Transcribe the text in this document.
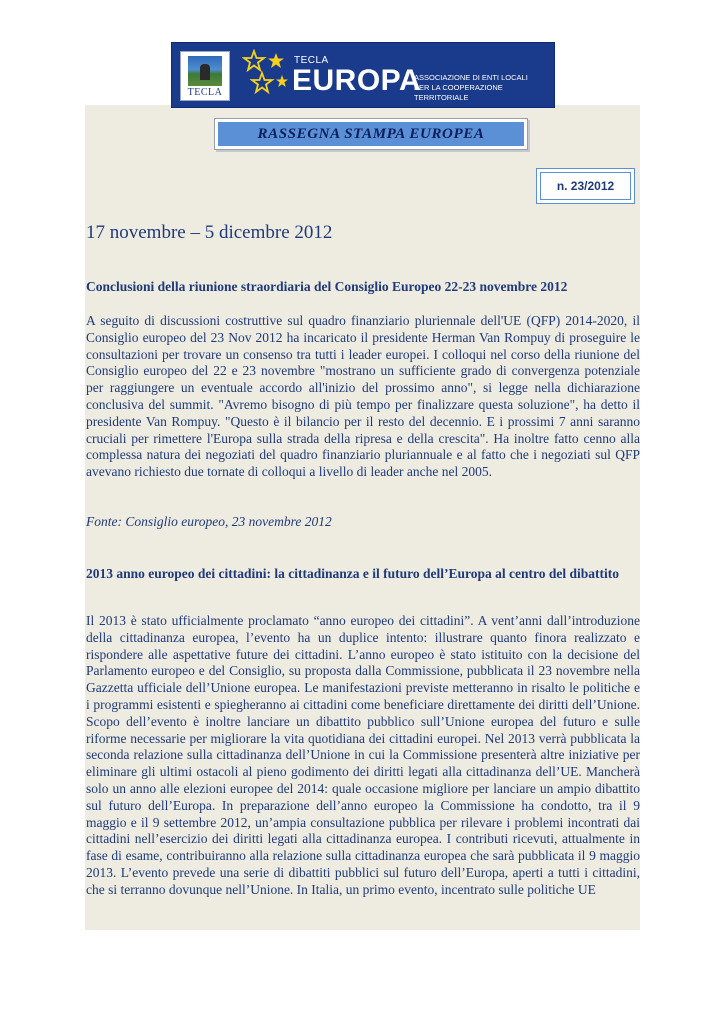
TECLA
TECLA
EUROPA
ASSOCIAZIONE DI ENTI LOCALI
PER LA COOPERAZIONE TERRITORIALE
RASSEGNA STAMPA EUROPEA
n. 23/2012
17 novembre – 5 dicembre 2012
Conclusioni della riunione straordiaria del Consiglio Europeo 22-23 novembre 2012
A seguito di discussioni costruttive sul quadro finanziario pluriennale dell'UE (QFP) 2014-2020, il Consiglio europeo del 23 Nov 2012 ha incaricato il presidente Herman Van Rompuy di proseguire le consultazioni per trovare un consenso tra tutti i leader europei. I colloqui nel corso della riunione del Consiglio europeo del 22 e 23 novembre "mostrano un sufficiente grado di convergenza potenziale per raggiungere un eventuale accordo all'inizio del prossimo anno", si legge nella dichiarazione conclusiva del summit. "Avremo bisogno di più tempo per finalizzare questa soluzione", ha detto il presidente Van Rompuy. "Questo è il bilancio per il resto del decennio. E i prossimi 7 anni saranno cruciali per rimettere l'Europa sulla strada della ripresa e della crescita". Ha inoltre fatto cenno alla complessa natura dei negoziati del quadro finanziario pluriannuale e al fatto che i negoziati sul QFP avevano richiesto due tornate di colloqui a livello di leader anche nel 2005.
Fonte: Consiglio europeo, 23 novembre 2012
2013 anno europeo dei cittadini: la cittadinanza e il futuro dell’Europa al centro del dibattito
Il 2013 è stato ufficialmente proclamato “anno europeo dei cittadini”. A vent’anni dall’introduzione della cittadinanza europea, l’evento ha un duplice intento: illustrare quanto finora realizzato e rispondere alle aspettative future dei cittadini. L’anno europeo è stato istituito con la decisione del Parlamento europeo e del Consiglio, su proposta dalla Commissione, pubblicata il 23 novembre nella Gazzetta ufficiale dell’Unione europea. Le manifestazioni previste metteranno in risalto le politiche e i programmi esistenti e spiegheranno ai cittadini come beneficiare direttamente dei diritti dell’Unione. Scopo dell’evento è inoltre lanciare un dibattito pubblico sull’Unione europea del futuro e sulle riforme necessarie per migliorare la vita quotidiana dei cittadini europei. Nel 2013 verrà pubblicata la seconda relazione sulla cittadinanza dell’Unione in cui la Commissione presenterà altre iniziative per eliminare gli ultimi ostacoli al pieno godimento dei diritti legati alla cittadinanza dell’UE. Mancherà solo un anno alle elezioni europee del 2014: quale occasione migliore per lanciare un ampio dibattito sul futuro dell’Europa. In preparazione dell’anno europeo la Commissione ha condotto, tra il 9 maggio e il 9 settembre 2012, un’ampia consultazione pubblica per rilevare i problemi incontrati dai cittadini nell’esercizio dei diritti legati alla cittadinanza europea. I contributi ricevuti, attualmente in fase di esame, contribuiranno alla relazione sulla cittadinanza europea che sarà pubblicata il 9 maggio 2013. L’evento prevede una serie di dibattiti pubblici sul futuro dell’Europa, aperti a tutti i cittadini, che si terranno dovunque nell’Unione. In Italia, un primo evento, incentrato sulle politiche UE
